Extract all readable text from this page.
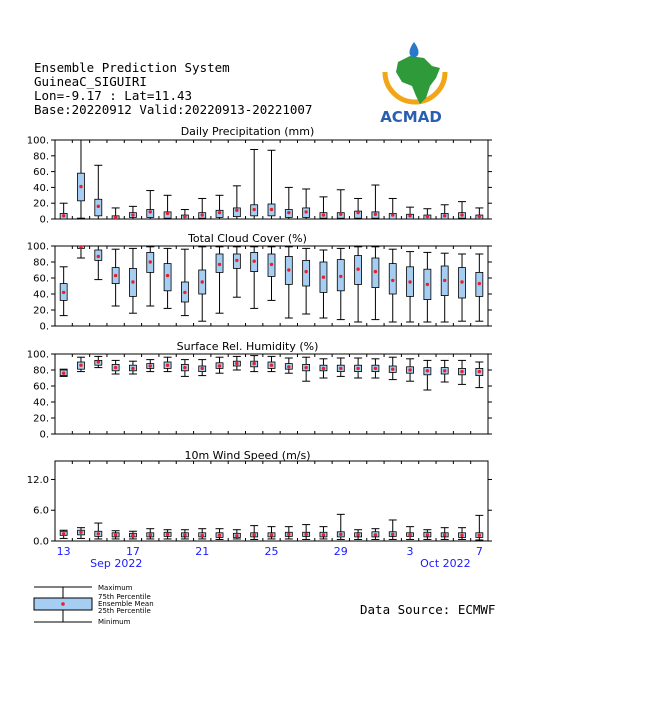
Ensemble Prediction System
GuineaC_SIGUIRI
Lon=-9.17 : Lat=11.43
Base:20220912 Valid:20220913-20221007	ACMAD
Daily Precipitation (mm)
0.
20.
40.
60.
80.
100.
Total Cloud Cover (%)
0.
20.
40.
60.
80.
100.
Surface Rel. Humidity (%)
0.
20.
40.
60.
80.
100.
10m Wind Speed (m/s)
0.0
6.0
12.0
13	17	21	25	29	3	7
Sep 2022	Oct 2022
Maximum
75th Percentile
Ensemble Mean
25th Percentile
Minimum
Data Source: ECMWF
